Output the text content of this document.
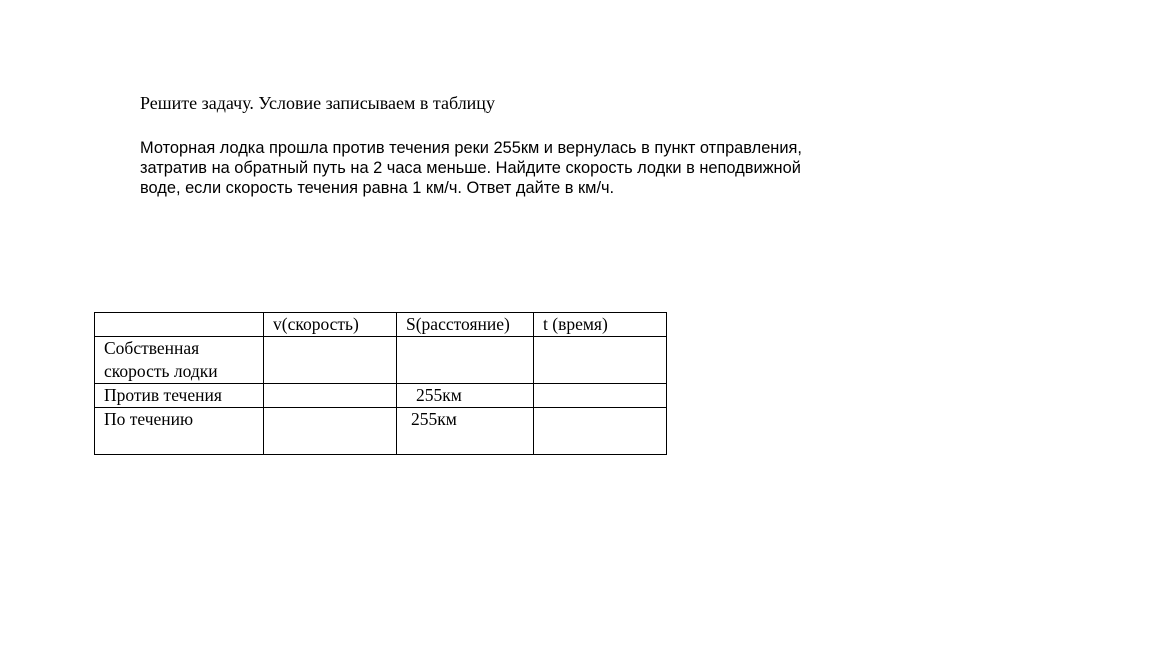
Решите задачу. Условие записываем в таблицу
Моторная лодка прошла против течения реки 255км и вернулась в пункт отправления,
затратив на обратный путь на 2 часа меньше. Найдите скорость лодки в неподвижной
воде, если скорость течения равна 1 км/ч. Ответ дайте в км/ч.
	v(скорость)	S(расстояние)	t (время)
Собственная
скорость лодки			
Против течения		255км	
По течению		255км	
